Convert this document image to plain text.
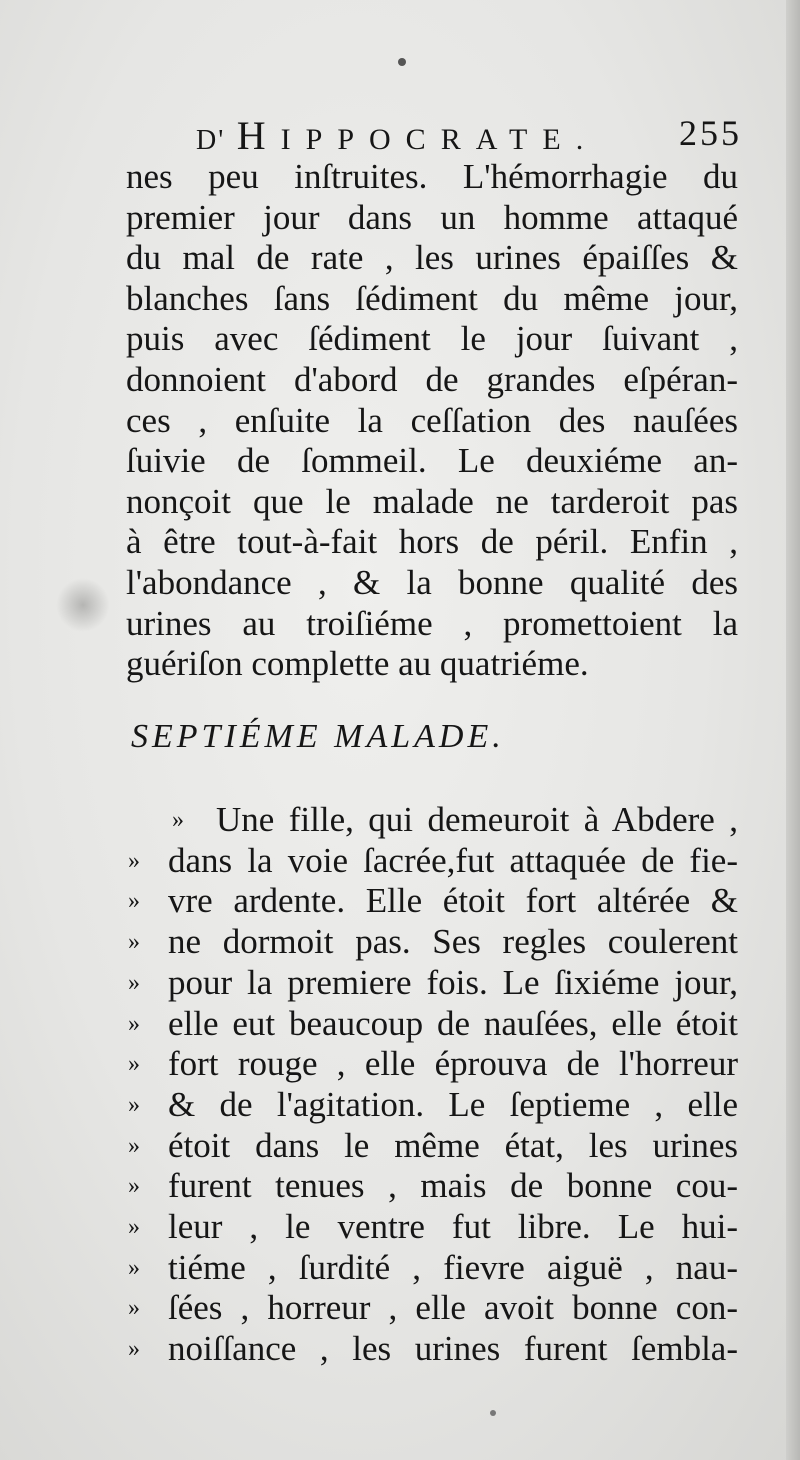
D' HIPPOCRATE. 255
nes peu inſtruites. L'hémorrhagie du
premier jour dans un homme attaqué
du mal de rate , les urines épaiſſes &
blanches ſans ſédiment du même jour,
puis avec ſédiment le jour ſuivant ,
donnoient d'abord de grandes eſpéran-
ces , enſuite la ceſſation des nauſées
ſuivie de ſommeil. Le deuxiéme an-
nonçoit que le malade ne tarderoit pas
à être tout-à-fait hors de péril. Enfin ,
l'abondance , & la bonne qualité des
urines au troiſiéme , promettoient la
guériſon complette au quatriéme.
SEPTIÉME MALADE.
» Une fille, qui demeuroit à Abdere ,
» dans la voie ſacrée,fut attaquée de fie-
» vre ardente. Elle étoit fort altérée &
» ne dormoit pas. Ses regles coulerent
» pour la premiere fois. Le ſixiéme jour,
» elle eut beaucoup de nauſées, elle étoit
» fort rouge , elle éprouva de l'horreur
» & de l'agitation. Le ſeptieme , elle
» étoit dans le même état, les urines
» furent tenues , mais de bonne cou-
» leur , le ventre fut libre. Le hui-
» tiéme , ſurdité , fievre aiguë , nau-
» ſées , horreur , elle avoit bonne con-
» noiſſance , les urines furent ſembla-
